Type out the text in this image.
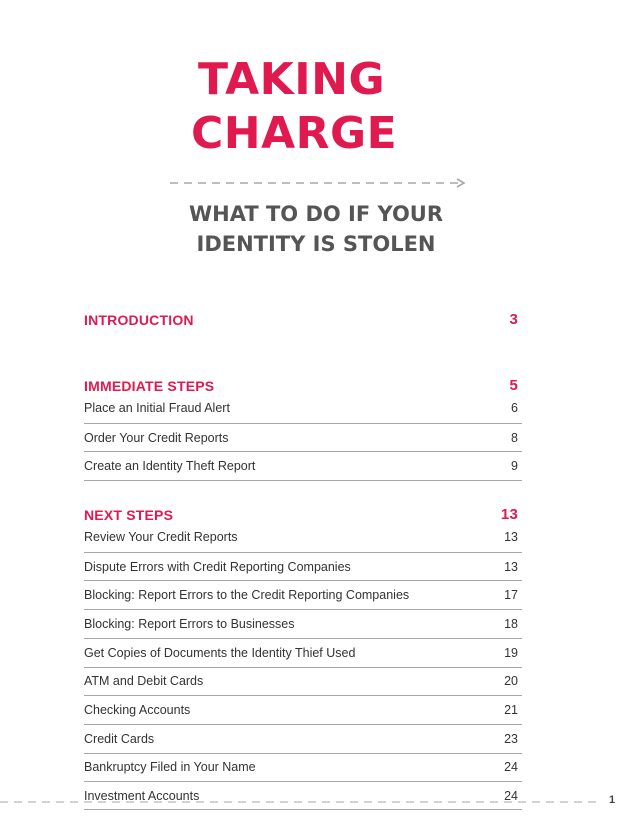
TAKING
CHARGE
WHAT TO DO IF YOUR
IDENTITY IS STOLEN
INTRODUCTION	3
IMMEDIATE STEPS	5
Place an Initial Fraud Alert	6
Order Your Credit Reports	8
Create an Identity Theft Report	9
NEXT STEPS	13
Review Your Credit Reports	13
Dispute Errors with Credit Reporting Companies	13
Blocking: Report Errors to the Credit Reporting Companies	17
Blocking: Report Errors to Businesses	18
Get Copies of Documents the Identity Thief Used	19
ATM and Debit Cards	20
Checking Accounts	21
Credit Cards	23
Bankruptcy Filed in Your Name	24
Investment Accounts	24	1
